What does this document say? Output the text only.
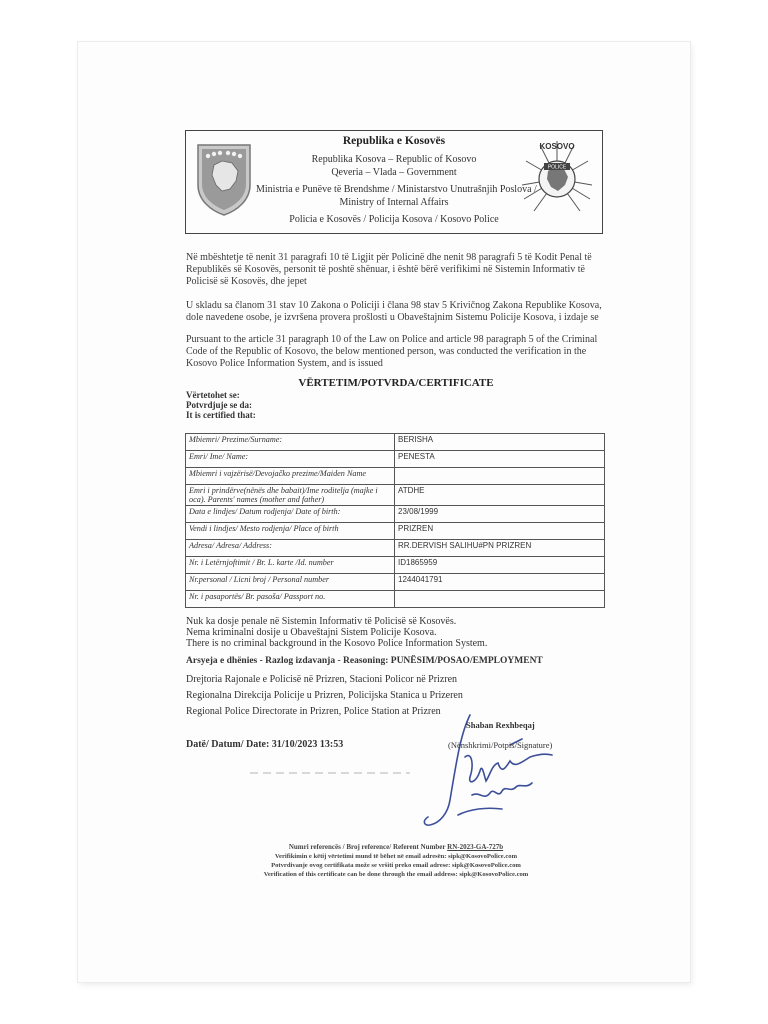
Republika e Kosovës
Republika Kosova – Republic of Kosovo
Qeveria – Vlada – Government
Ministria e Punëve të Brendshme / Ministarstvo Unutrašnjih Poslova /
Ministry of Internal Affairs
Policia e Kosovës / Policija Kosova / Kosovo Police
POLICE
KOSOVO
Në mbështetje të nenit 31 paragrafi 10 të Ligjit për Policinë dhe nenit 98 paragrafi 5 të Kodit Penal të Republikës së Kosovës, personit të poshtë shënuar, i është bërë verifikimi në Sistemin Informativ të Policisë së Kosovës, dhe jepet
U skladu sa članom 31 stav 10 Zakona o Policiji i člana 98 stav 5 Krivičnog Zakona Republike Kosova, dole navedene osobe, je izvršena provera prošlosti u Obaveštajnim Sistemu Policije Kosova, i izdaje se
Pursuant to the article 31 paragraph 10 of the Law on Police and article 98 paragraph 5 of the Criminal Code of the Republic of Kosovo, the below mentioned person, was conducted the verification in the Kosovo Police Information System, and is issued
VËRTETIM/POTVRDA/CERTIFICATE
Vërtetohet se:
Potvrdjuje se da:
It is certified that:
Mbiemri/ Prezime/Surname:	BERISHA
Emri/ Ime/ Name:	PENESTA
Mbiemri i vajzërisë/Devojačko prezime/Maiden Name	
Emri i prindërve(nënës dhe babait)/Ime roditelja (majke i oca). Parents' names (mother and father)	ATDHE
Data e lindjes/ Datum rodjenja/ Date of birth:	23/08/1999
Vendi i lindjes/ Mesto rodjenja/ Place of birth	PRIZREN
Adresa/ Adresa/ Address:	RR.DERVISH SALIHU#PN PRIZREN
Nr. i Letërnjoftimit / Br. L. karte /Id. number	ID1865959
Nr.personal / Licni broj / Personal number	1244041791
Nr. i pasaportës/ Br. pasoša/ Passport no.	
Nuk ka dosje penale në Sistemin Informativ të Policisë së Kosovës.
Nema kriminalni dosije u Obaveštajni Sistem Policije Kosova.
There is no criminal background in the Kosovo Police Information System.
Arsyeja e dhënies - Razlog izdavanja - Reasoning: PUNËSIM/POSAO/EMPLOYMENT
Drejtoria Rajonale e Policisë në Prizren, Stacioni Policor në Prizren
Regionalna Direkcija Policije u Prizren, Policijska Stanica u Prizeren
Regional Police Directorate in Prizren, Police Station at Prizren
Datë/ Datum/ Date: 31/10/2023 13:53
Shaban Rexhbeqaj
(Nënshkrimi/Potpis/Signature)
Numri referencës / Broj reference/ Referent Number RN-2023-GA-727b
Verifikimin e këtij vërtetimi mund të bëhet në email adresën: sipk@KosovoPolice.com
Potvrdivanje ovog certifikata može se vršiti preko email adrese: sipk@KosovoPolice.com
Verification of this certificate can be done through the email address: sipk@KosovoPolice.com
